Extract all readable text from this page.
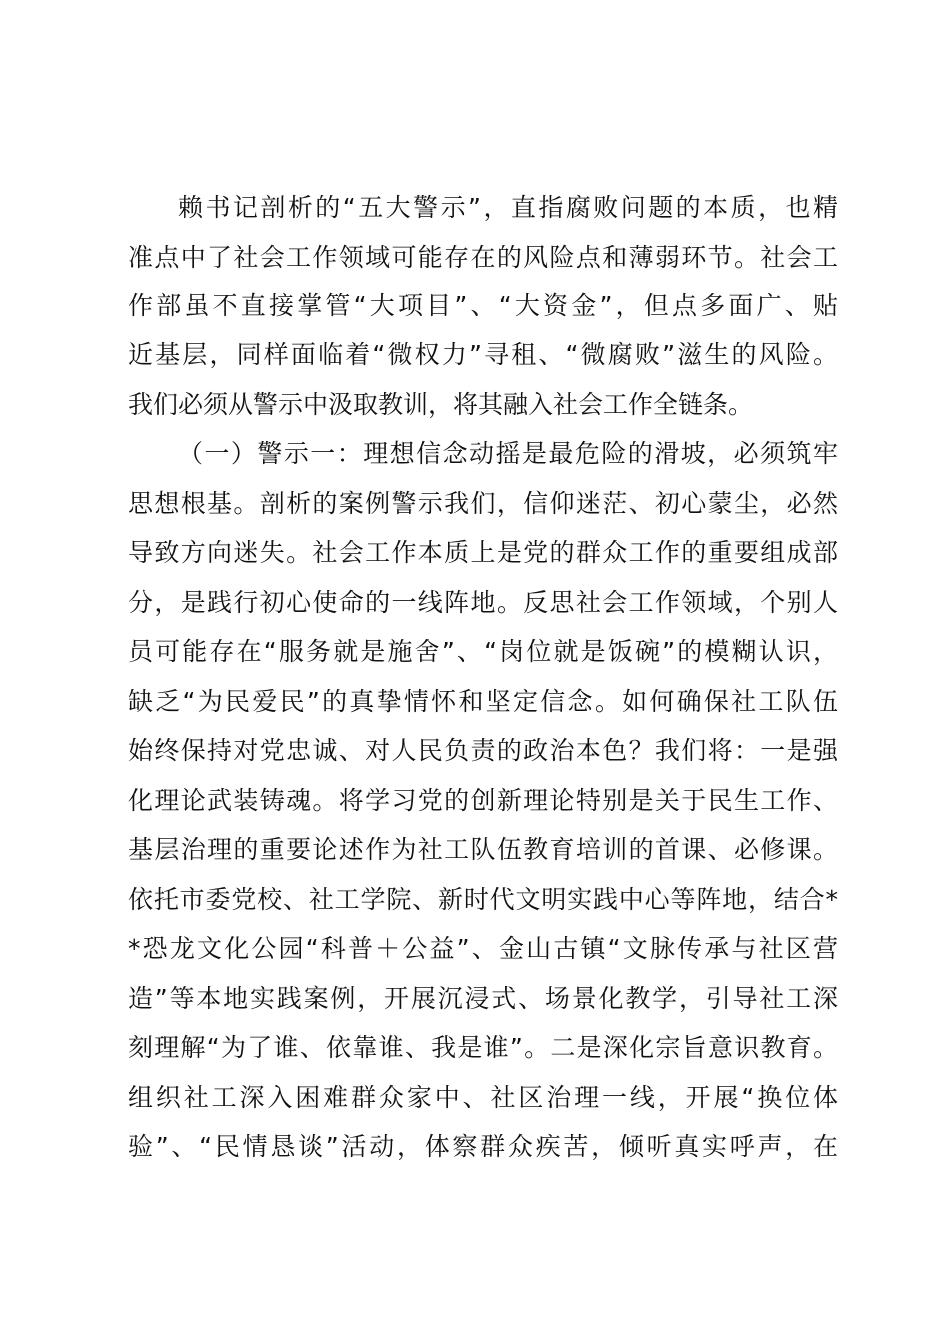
赖书记剖析的“五大警示”，直指腐败问题的本质，也精
准点中了社会工作领域可能存在的风险点和薄弱环节。社会工
作部虽不直接掌管“大项目”、“大资金”，但点多面广、贴
近基层，同样面临着“微权力”寻租、“微腐败”滋生的风险。
我们必须从警示中汲取教训，将其融入社会工作全链条。
（一）警示一：理想信念动摇是最危险的滑坡，必须筑牢
思想根基。剖析的案例警示我们，信仰迷茫、初心蒙尘，必然
导致方向迷失。社会工作本质上是党的群众工作的重要组成部
分，是践行初心使命的一线阵地。反思社会工作领域，个别人
员可能存在“服务就是施舍”、“岗位就是饭碗”的模糊认识，
缺乏“为民爱民”的真挚情怀和坚定信念。如何确保社工队伍
始终保持对党忠诚、对人民负责的政治本色？我们将：一是强
化理论武装铸魂。将学习党的创新理论特别是关于民生工作、
基层治理的重要论述作为社工队伍教育培训的首课、必修课。
依托市委党校、社工学院、新时代文明实践中心等阵地，结合*
*恐龙文化公园“科普＋公益”、金山古镇“文脉传承与社区营
造”等本地实践案例，开展沉浸式、场景化教学，引导社工深
刻理解“为了谁、依靠谁、我是谁”。二是深化宗旨意识教育。
组织社工深入困难群众家中、社区治理一线，开展“换位体
验”、“民情恳谈”活动，体察群众疾苦，倾听真实呼声，在
